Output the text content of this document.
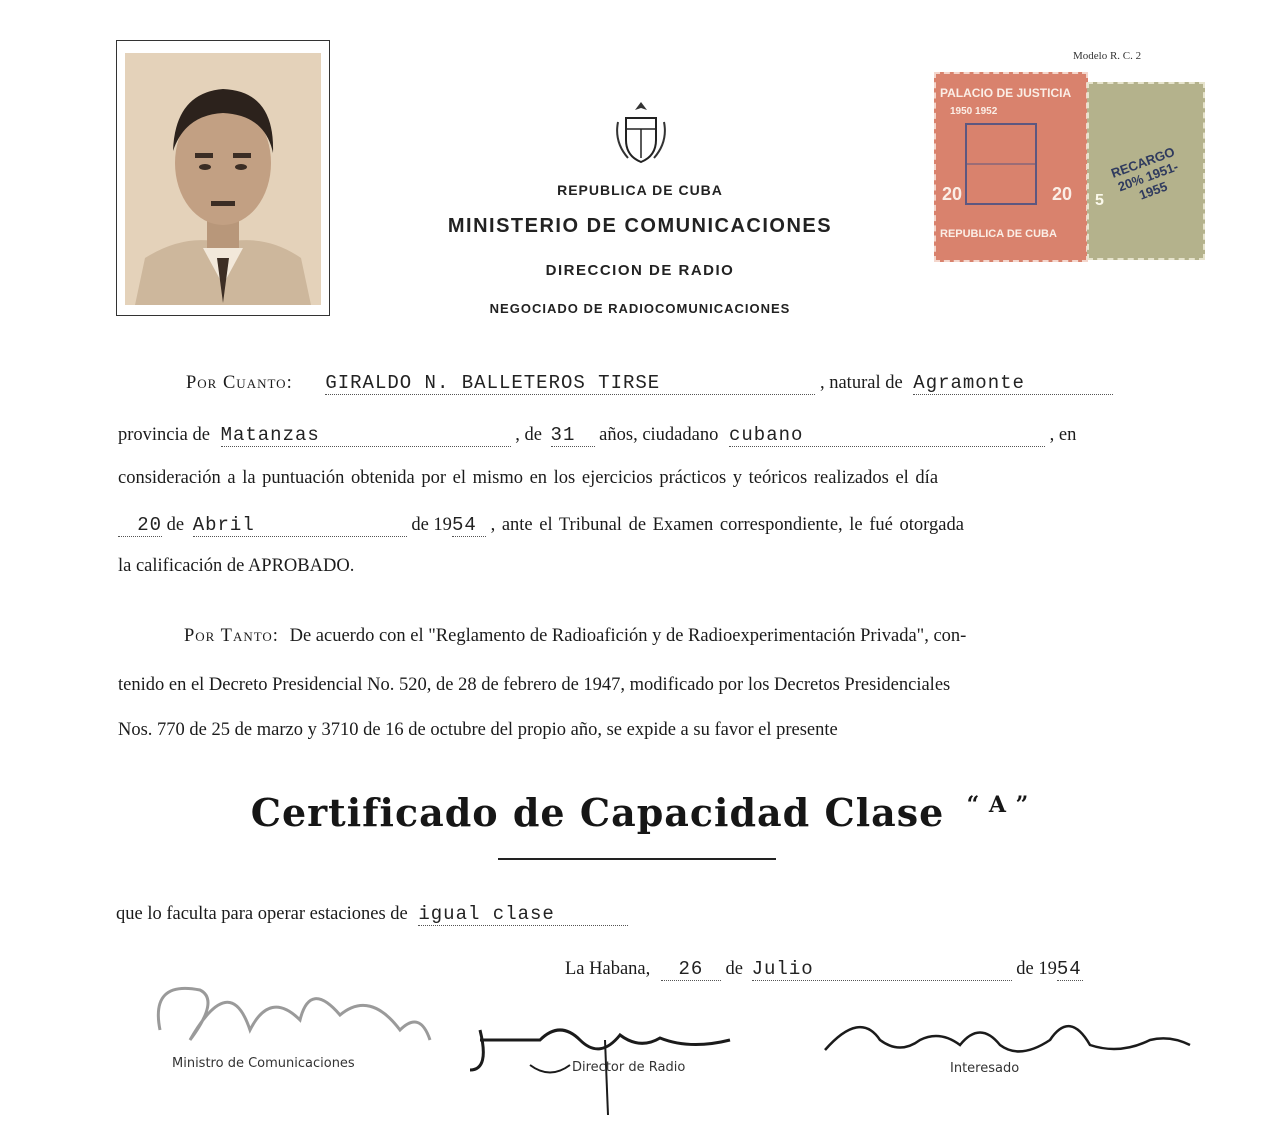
REPUBLICA DE CUBA
MINISTERIO DE COMUNICACIONES
DIRECCION DE RADIO
NEGOCIADO DE RADIOCOMUNICACIONES
Modelo R. C. 2
PALACIO DE JUSTICIA
1950 1952
20	20
REPUBLICA DE CUBA
RECARGO 20% 1951-1955
5
Por Cuanto: GIRALDO N. BALLETEROS TIRSE	, natural de Agramonte
provincia de Matanzas	, de 31 años, ciudadano cubano	, en
consideración a la puntuación obtenida por el mismo en los ejercicios prácticos y teóricos realizados el día
20 de Abril	de 1954 , ante el Tribunal de Examen correspondiente, le fué otorgada
la calificación de APROBADO.
Por Tanto: De acuerdo con el "Reglamento de Radioafición y de Radioexperimentación Privada", con-
tenido en el Decreto Presidencial No. 520, de 28 de febrero de 1947, modificado por los Decretos Presidenciales
Nos. 770 de 25 de marzo y 3710 de 16 de octubre del propio año, se expide a su favor el presente
Certificado de Capacidad Clase $^{“ A ”}$
que lo faculta para operar estaciones de igual clase
La Habana, 26 de Julio	de 1954
Ministro de Comunicaciones	Director de Radio	Interesado
